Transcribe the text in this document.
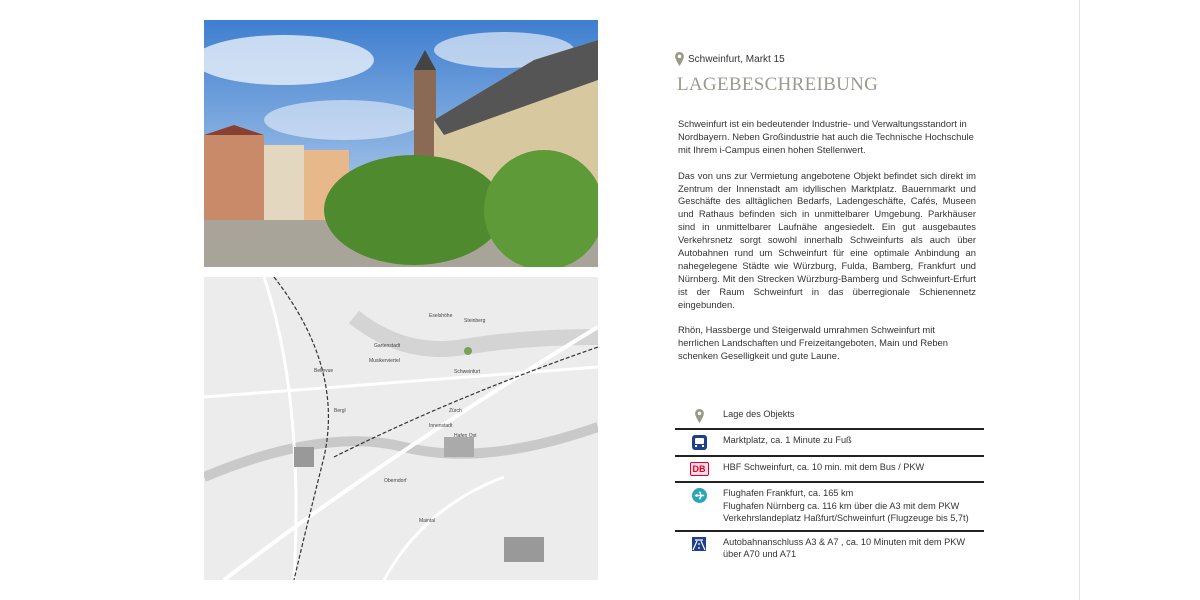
Schweinfurt
Innenstadt
Musikerviertel
Bergl
Oberndorf
Gartenstadt
Hafen Ost
Maintal
Bellevue
Eselshöhe
Steinberg
Zürch
Schweinfurt, Markt 15
LAGEBESCHREIBUNG

Schweinfurt ist ein bedeutender Industrie- und Verwaltungsstandort in Nordbayern. Neben Großindustrie hat auch die Technische Hochschule mit Ihrem i-Campus einen hohen Stellenwert.

Das von uns zur Vermietung angebotene Objekt befindet sich direkt im Zentrum der Innenstadt am idyllischen Marktplatz. Bauernmarkt und Geschäfte des alltäglichen Bedarfs, Ladengeschäfte, Cafés, Museen und Rathaus befinden sich in unmittelbarer Umgebung. Parkhäuser sind in unmittelbarer Laufnähe angesiedelt. Ein gut ausgebautes Verkehrsnetz sorgt sowohl innerhalb Schweinfurts als auch über Autobahnen rund um Schweinfurt für eine optimale Anbindung an nahegelegene Städte wie Würzburg, Fulda, Bamberg, Frankfurt und Nürnberg. Mit den Strecken Würzburg-Bamberg und Schweinfurt-Erfurt ist der Raum Schweinfurt in das überregionale Schienennetz eingebunden.

Rhön, Hassberge und Steigerwald umrahmen Schweinfurt mit herrlichen Landschaften und Freizeitangeboten, Main und Reben schenken Geselligkeit und gute Laune.

Lage des Objekts
Marktplatz, ca. 1 Minute zu Fuß
DB	HBF Schweinfurt, ca. 10 min. mit dem Bus / PKW
Flughafen Frankfurt, ca. 165 km
Flughafen Nürnberg ca. 116 km über die A3 mit dem PKW
Verkehrslandeplatz Haßfurt/Schweinfurt (Flugzeuge bis 5,7t)
Autobahnanschluss A3 & A7 , ca. 10 Minuten mit dem PKW
über A70 und A71
